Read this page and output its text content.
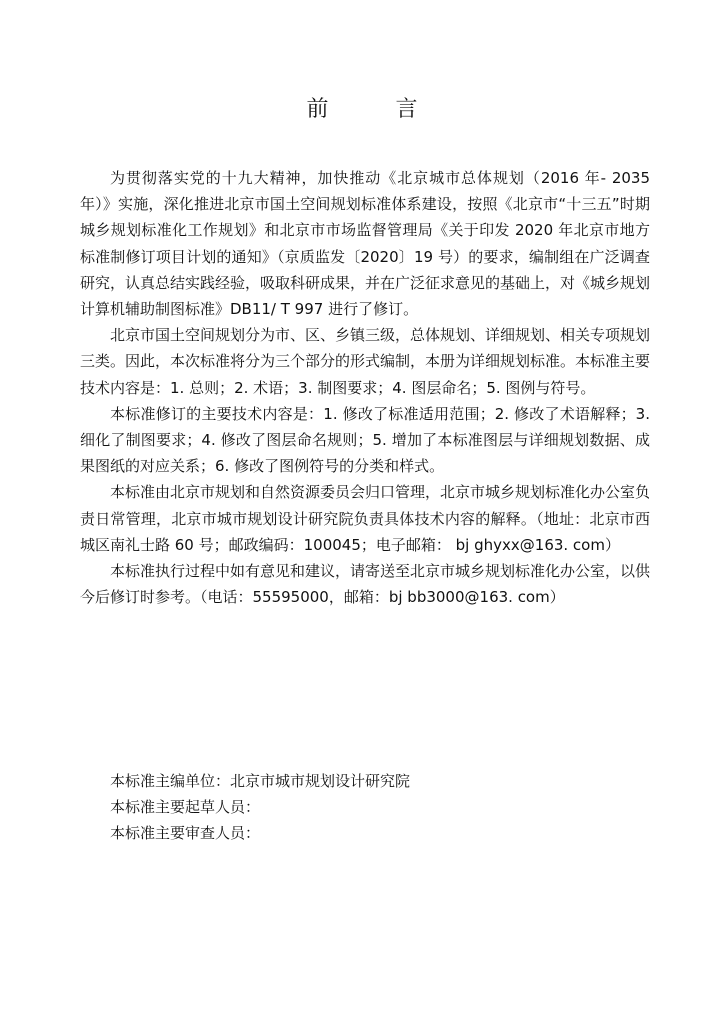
前 言

为贯彻落实党的十九大精神，加快推动《北京城市总体规划（2016 年- 2035 年）》实施，深化推进北京市国土空间规划标准体系建设，按照《北京市“十三五”时期城乡规划标准化工作规划》和北京市市场监督管理局《关于印发 2020 年北京市地方标准制修订项目计划的通知》（京质监发〔2020〕19 号）的要求，编制组在广泛调查研究，认真总结实践经验，吸取科研成果，并在广泛征求意见的基础上，对《城乡规划计算机辅助制图标准》DB11/ T 997 进行了修订。

北京市国土空间规划分为市、区、乡镇三级，总体规划、详细规划、相关专项规划三类。因此，本次标准将分为三个部分的形式编制，本册为详细规划标准。本标准主要技术内容是：1. 总则；2. 术语；3. 制图要求；4. 图层命名；5. 图例与符号。

本标准修订的主要技术内容是：1. 修改了标准适用范围；2. 修改了术语解释；3. 细化了制图要求；4. 修改了图层命名规则；5. 增加了本标准图层与详细规划数据、成果图纸的对应关系；6. 修改了图例符号的分类和样式。

本标准由北京市规划和自然资源委员会归口管理，北京市城乡规划标准化办公室负责日常管理，北京市城市规划设计研究院负责具体技术内容的解释。（地址：北京市西城区南礼士路 60 号；邮政编码：100045；电子邮箱： bj ghyxx@163. com）

本标准执行过程中如有意见和建议，请寄送至北京市城乡规划标准化办公室，以供今后修订时参考。（电话：55595000，邮箱：bj bb3000@163. com）

本标准主编单位：北京市城市规划设计研究院

本标准主要起草人员：

本标准主要审查人员：
